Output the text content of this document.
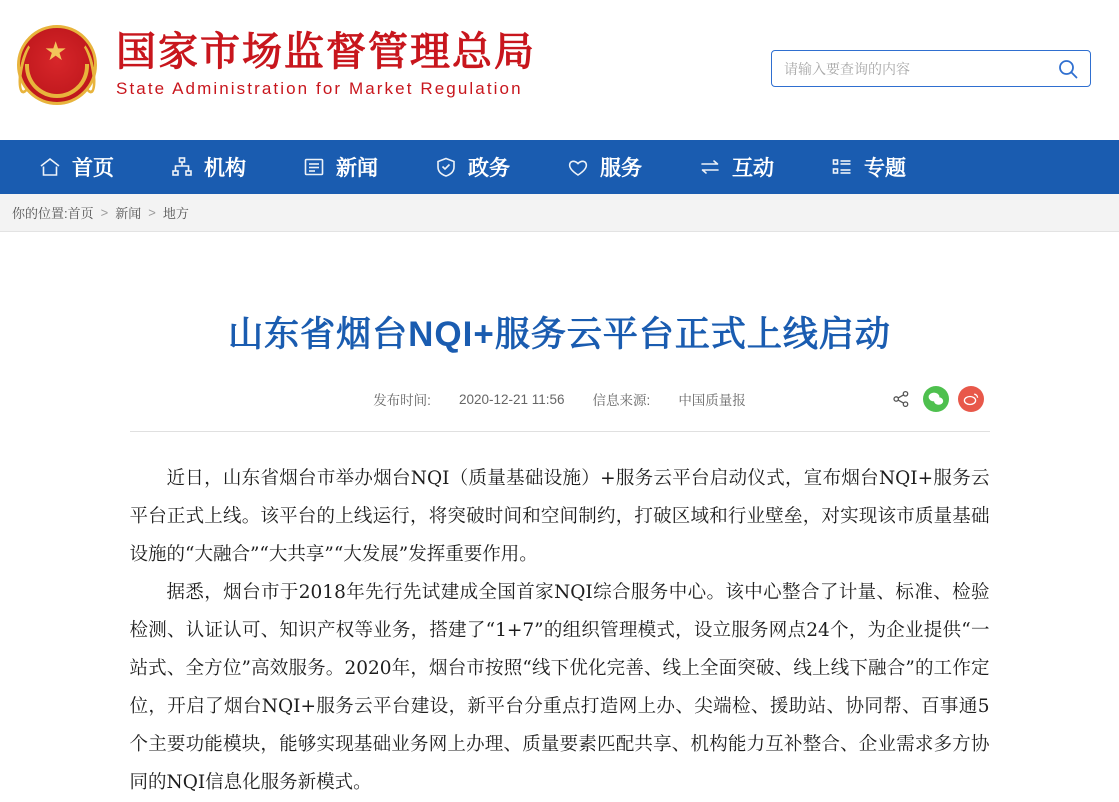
国家市场监督管理总局
State Administration for Market Regulation
请输入要查询的内容
首页	机构	新闻	政务	服务	互动	专题
你的位置: 首页 > 新闻 > 地方
山东省烟台NQI+服务云平台正式上线启动
发布时间: 2020-12-21 11:56 信息来源: 中国质量报

近日，山东省烟台市举办烟台NQI（质量基础设施）+服务云平台启动仪式，宣布烟台NQI+服务云平台正式上线。该平台的上线运行，将突破时间和空间制约，打破区域和行业壁垒，对实现该市质量基础设施的“大融合”“大共享”“大发展”发挥重要作用。

据悉，烟台市于2018年先行先试建成全国首家NQI综合服务中心。该中心整合了计量、标准、检验检测、认证认可、知识产权等业务，搭建了“1+7”的组织管理模式，设立服务网点24个，为企业提供“一站式、全方位”高效服务。2020年，烟台市按照“线下优化完善、线上全面突破、线上线下融合”的工作定位，开启了烟台NQI+服务云平台建设，新平台分重点打造网上办、尖端检、援助站、协同帮、百事通5个主要功能模块，能够实现基础业务网上办理、质量要素匹配共享、机构能力互补整合、企业需求多方协同的NQI信息化服务新模式。
